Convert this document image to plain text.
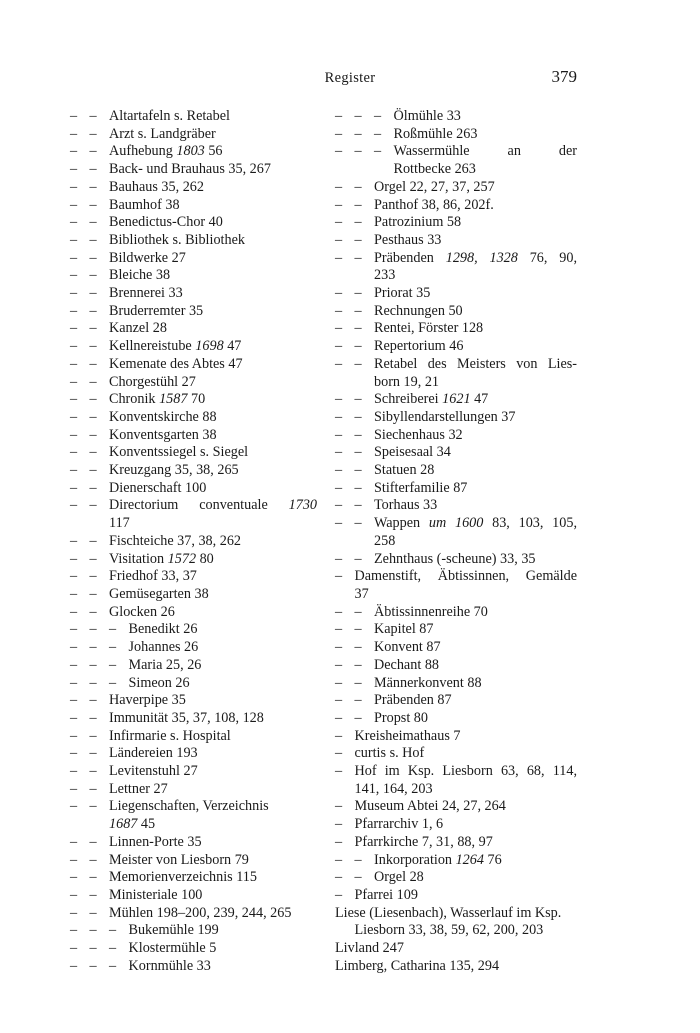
Register	379
– – Altartafeln s. Retabel
– – Arzt s. Landgräber
– – Aufhebung 1803 56
– – Back- und Brauhaus 35, 267
– – Bauhaus 35, 262
– – Baumhof 38
– – Benedictus-Chor 40
– – Bibliothek s. Bibliothek
– – Bildwerke 27
– – Bleiche 38
– – Brennerei 33
– – Bruderremter 35
– – Kanzel 28
– – Kellnereistube 1698 47
– – Kemenate des Abtes 47
– – Chorgestühl 27
– – Chronik 1587 70
– – Konventskirche 88
– – Konventsgarten 38
– – Konventssiegel s. Siegel
– – Kreuzgang 35, 38, 265
– – Dienerschaft 100
– – Directorium conventuale 1730
117
– – Fischteiche 37, 38, 262
– – Visitation 1572 80
– – Friedhof 33, 37
– – Gemüsegarten 38
– – Glocken 26
– – – Benedikt 26
– – – Johannes 26
– – – Maria 25, 26
– – – Simeon 26
– – Haverpipe 35
– – Immunität 35, 37, 108, 128
– – Infirmarie s. Hospital
– – Ländereien 193
– – Levitenstuhl 27
– – Lettner 27
– – Liegenschaften, Verzeichnis
1687 45
– – Linnen-Porte 35
– – Meister von Liesborn 79
– – Memorienverzeichnis 115
– – Ministeriale 100
– – Mühlen 198–200, 239, 244, 265
– – – Bukemühle 199
– – – Klostermühle 5
– – – Kornmühle 33
– – – Ölmühle 33
– – – Roßmühle 263
– – – Wassermühle an der
Rottbecke 263
– – Orgel 22, 27, 37, 257
– – Panthof 38, 86, 202f.
– – Patrozinium 58
– – Pesthaus 33
– – Präbenden 1298, 1328 76, 90,
233
– – Priorat 35
– – Rechnungen 50
– – Rentei, Förster 128
– – Repertorium 46
– – Retabel des Meisters von Lies-
born 19, 21
– – Schreiberei 1621 47
– – Sibyllendarstellungen 37
– – Siechenhaus 32
– – Speisesaal 34
– – Statuen 28
– – Stifterfamilie 87
– – Torhaus 33
– – Wappen um 1600 83, 103, 105,
258
– – Zehnthaus (-scheune) 33, 35
– Damenstift, Äbtissinnen, Gemälde
37
– – Äbtissinnenreihe 70
– – Kapitel 87
– – Konvent 87
– – Dechant 88
– – Männerkonvent 88
– – Präbenden 87
– – Propst 80
– Kreisheimathaus 7
– curtis s. Hof
– Hof im Ksp. Liesborn 63, 68, 114,
141, 164, 203
– Museum Abtei 24, 27, 264
– Pfarrarchiv 1, 6
– Pfarrkirche 7, 31, 88, 97
– – Inkorporation 1264 76
– – Orgel 28
– Pfarrei 109
Liese (Liesenbach), Wasserlauf im Ksp.
Liesborn 33, 38, 59, 62, 200, 203
Livland 247
Limberg, Catharina 135, 294
